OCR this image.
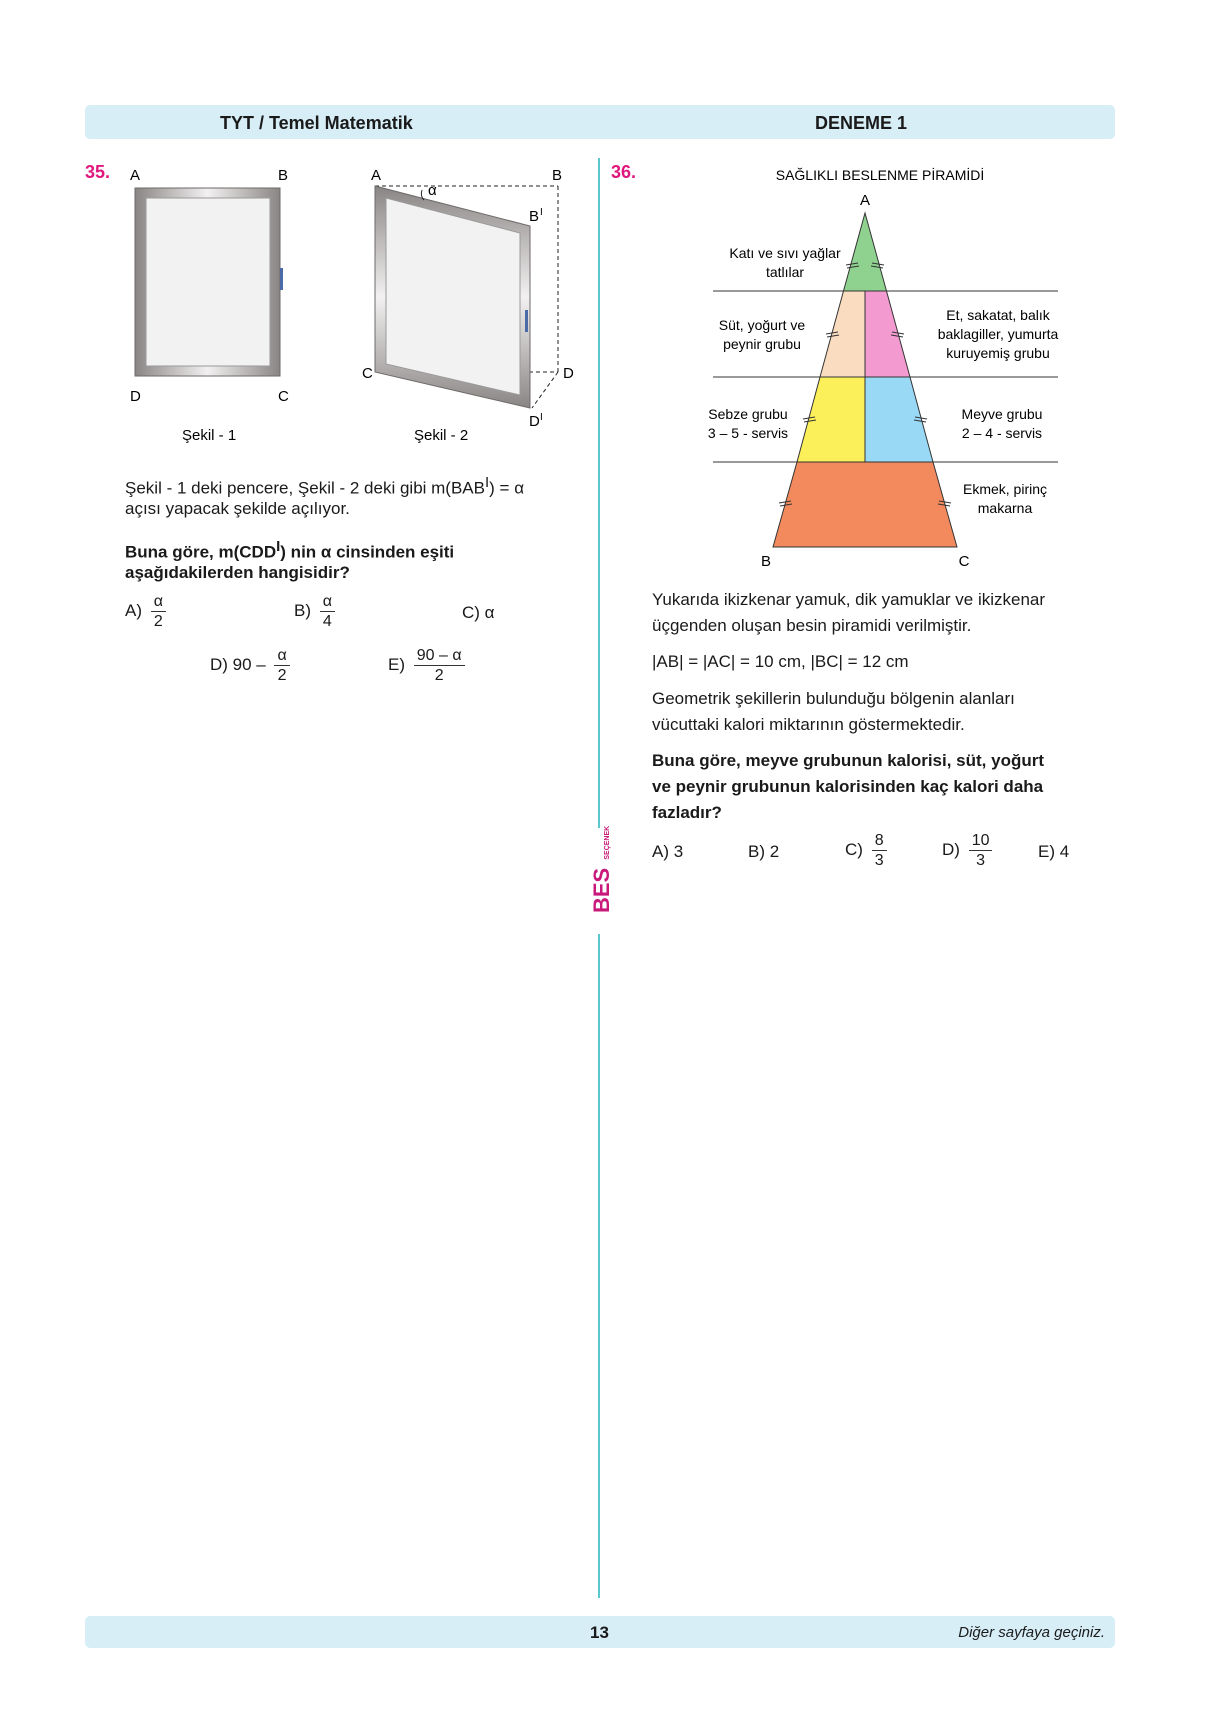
TYT / Temel Matematik	DENEME 1
BES SEÇENEK
35. A	B
D	C
Şekil - 1
A	B
α
B I
C	D
D I
Şekil - 2
Şekil - 1 deki pencere, Şekil - 2 deki gibi $m(BAB^I) = \alpha$
açısı yapacak şekilde açılıyor.
Buna göre, $m(CDD^I)$ nin α cinsinden eşiti
aşağıdakilerden hangisidir?
$A) \frac{\alpha}{2}$	$B) \frac{\alpha}{4}$	C) α
D) $90 - \frac{\alpha}{2}$	$E) \frac{90 - \alpha}{2}$
36.	SAĞLIKLI BESLENME PİRAMİDİ
A
Katı ve sıvı yağlar
tatlılar
Süt, yoğurt ve
peynir grubu
Et, sakatat, balık
baklagiller, yumurta
kuruyemiş grubu
Sebze grubu
3 – 5 - servis
Meyve grubu
2 – 4 - servis
Ekmek, pirinç
makarna
B	C
Yukarıda ikizkenar yamuk, dik yamuklar ve ikizkenar
üçgenden oluşan besin piramidi verilmiştir.
|AB| = |AC| = 10 cm, |BC| = 12 cm
Geometrik şekillerin bulunduğu bölgenin alanları
vücuttaki kalori miktarının göstermektedir.
Buna göre, meyve grubunun kalorisi, süt, yoğurt
ve peynir grubunun kalorisinden kaç kalori daha
fazladır?
A) 3	B) 2	$C) \frac{8}{3}$	$D) \frac{10}{3}$	E) 4
13	Diğer sayfaya geçiniz.
